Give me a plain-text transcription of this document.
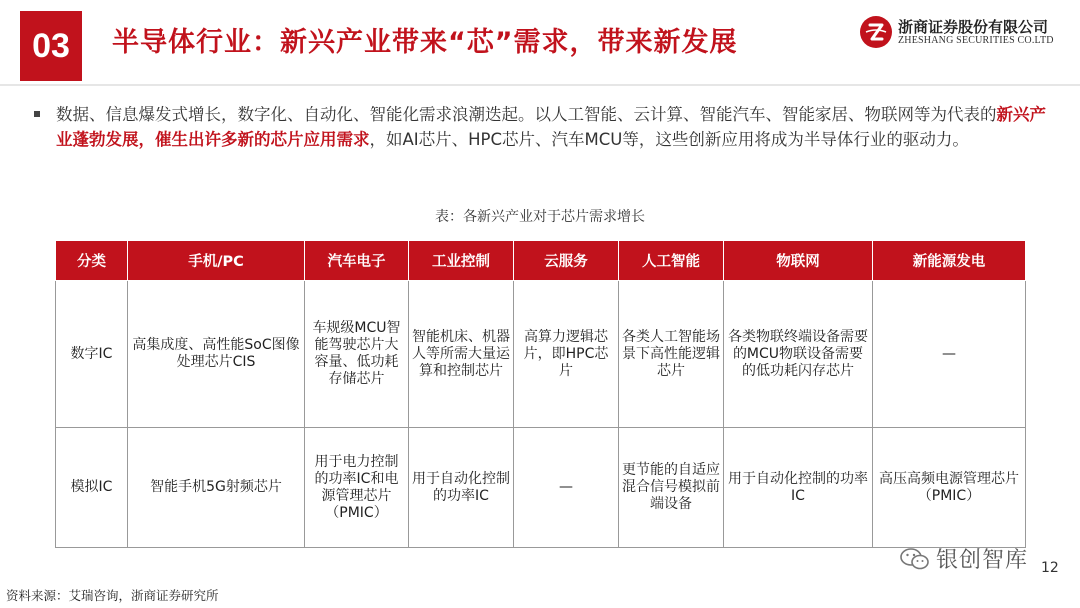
03	半导体行业：新兴产业带来“芯”需求，带来新发展	浙商证券股份有限公司
ZHESHANG SECURITIES CO.LTD
数据、信息爆发式增长，数字化、自动化、智能化需求浪潮迭起。以人工智能、云计算、智能汽车、智能家居、物联网等为代表的新兴产业蓬勃发展，催生出许多新的芯片应用需求，如AI芯片、HPC芯片、汽车MCU等，这些创新应用将成为半导体行业的驱动力。
表：各新兴产业对于芯片需求增长
分类	手机/PC	汽车电子	工业控制	云服务	人工智能	物联网	新能源发电
数字IC	高集成度、高性能SoC图像处理芯片CIS	车规级MCU智能驾驶芯片大容量、低功耗存储芯片	智能机床、机器人等所需大量运算和控制芯片	高算力逻辑芯片，即HPC芯片	各类人工智能场景下高性能逻辑芯片	各类物联终端设备需要的MCU物联设备需要的低功耗闪存芯片	—
模拟IC	智能手机5G射频芯片	用于电力控制的功率IC和电源管理芯片（PMIC）	用于自动化控制的功率IC	—	更节能的自适应混合信号模拟前端设备	用于自动化控制的功率IC	高压高频电源管理芯片（PMIC）
资料来源：艾瑞咨询，浙商证券研究所
银创智库 12
